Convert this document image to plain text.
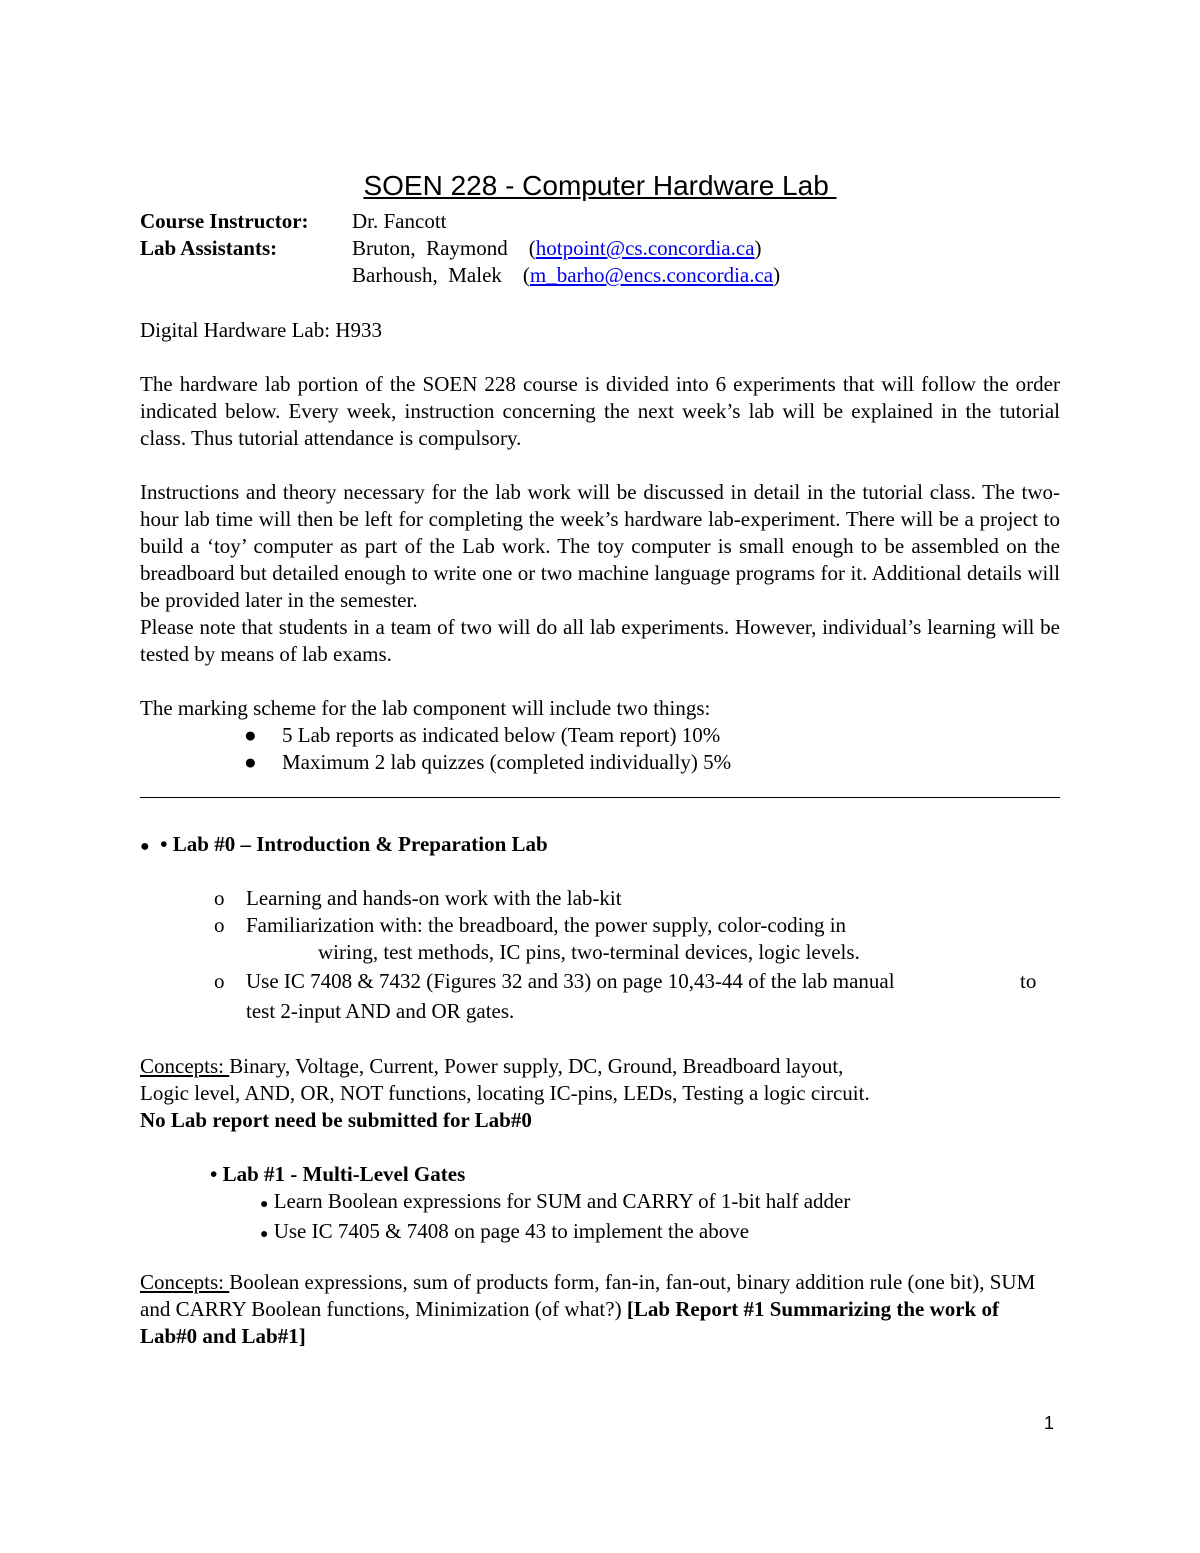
SOEN 228 - Computer Hardware Lab
Course Instructor:	Dr. Fancott
Lab Assistants:	Bruton,  Raymond    (hotpoint@cs.concordia.ca)
Barhoush,  Malek    (m_barho@encs.concordia.ca)
Digital Hardware Lab: H933
The hardware lab portion of the SOEN 228 course is divided into 6 experiments that will follow the order indicated below. Every week, instruction concerning the next week’s lab will be explained in the tutorial class. Thus tutorial attendance is compulsory.
Instructions and theory necessary for the lab work will be discussed in detail in the tutorial class. The two-hour lab time will then be left for completing the week’s hardware lab-experiment. There will be a project to build a ‘toy’ computer as part of the Lab work. The toy computer is small enough to be assembled on the breadboard but detailed enough to write one or two machine language programs for it. Additional details will be provided later in the semester.
Please note that students in a team of two will do all lab experiments. However, individual’s learning will be tested by means of lab exams.
The marking scheme for the lab component will include two things:
● 5 Lab reports as indicated below (Team report) 10%
● Maximum 2 lab quizzes (completed individually) 5%
● • Lab #0 – Introduction & Preparation Lab
o Learning and hands-on work with the lab-kit
o Familiarization with: the breadboard, the power supply, color-coding in
wiring, test methods, IC pins, two-terminal devices, logic levels.
o Use IC 7408 & 7432 (Figures 32 and 33) on page 10,43-44 of the lab manual	to
test 2-input AND and OR gates.
Concepts: Binary, Voltage, Current, Power supply, DC, Ground, Breadboard layout,
Logic level, AND, OR, NOT functions, locating IC-pins, LEDs, Testing a logic circuit.
No Lab report need be submitted for Lab#0
• Lab #1 - Multi-Level Gates
● Learn Boolean expressions for SUM and CARRY of 1-bit half adder
● Use IC 7405 & 7408 on page 43 to implement the above
Concepts: Boolean expressions, sum of products form, fan-in, fan-out, binary addition rule (one bit), SUM and CARRY Boolean functions, Minimization (of what?) [Lab Report #1 Summarizing the work of Lab#0 and Lab#1]
1
